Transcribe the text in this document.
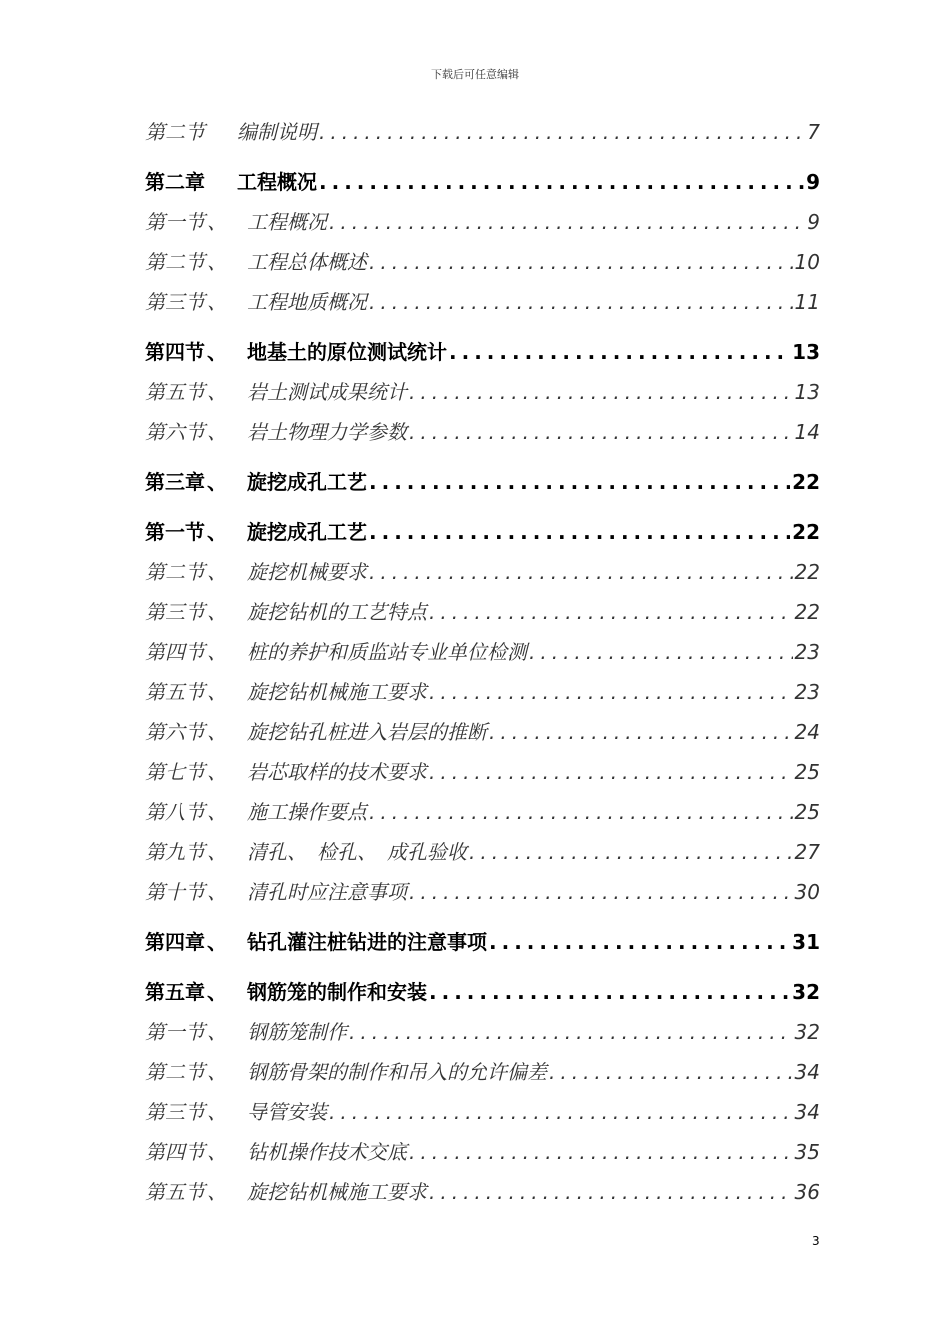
下载后可任意编辑
第二节 编制说明 .....	7
第二章 工程概况 .....	9
第一节 、	工程概况 .....	9
第二节 、	工程总体概述 .....	10
第三节 、	工程地质概况 .....	11
第四节 、	地基土的原位测试统计 .....	13
第五节 、	岩土测试成果统计 .....	13
第六节 、	岩土物理力学参数 .....	14
第三章 、	旋挖成孔工艺 .....	22
第一节 、	旋挖成孔工艺 .....	22
第二节 、	旋挖机械要求 .....	22
第三节 、	旋挖钻机的工艺特点 .....	22
第四节 、	桩的养护和质监站专业单位检测 .....	23
第五节 、	旋挖钻机械施工要求 .....	23
第六节 、	旋挖钻孔桩进入岩层的推断 .....	24
第七节 、	岩芯取样的技术要求 .....	25
第八节 、	施工操作要点 .....	25
第九节 、	清孔、　检孔、　成孔验收 .....	27
第十节 、	清孔时应注意事项 .....	30
第四章 、	钻孔灌注桩钻进的注意事项 .....	31
第五章 、	钢筋笼的制作和安装 .....	32
第一节 、	钢筋笼制作 .....	32
第二节 、	钢筋骨架的制作和吊入的允许偏差 .....	34
第三节 、	导管安装 .....	34
第四节 、	钻机操作技术交底 .....	35
第五节 、	旋挖钻机械施工要求 .....	36
3
